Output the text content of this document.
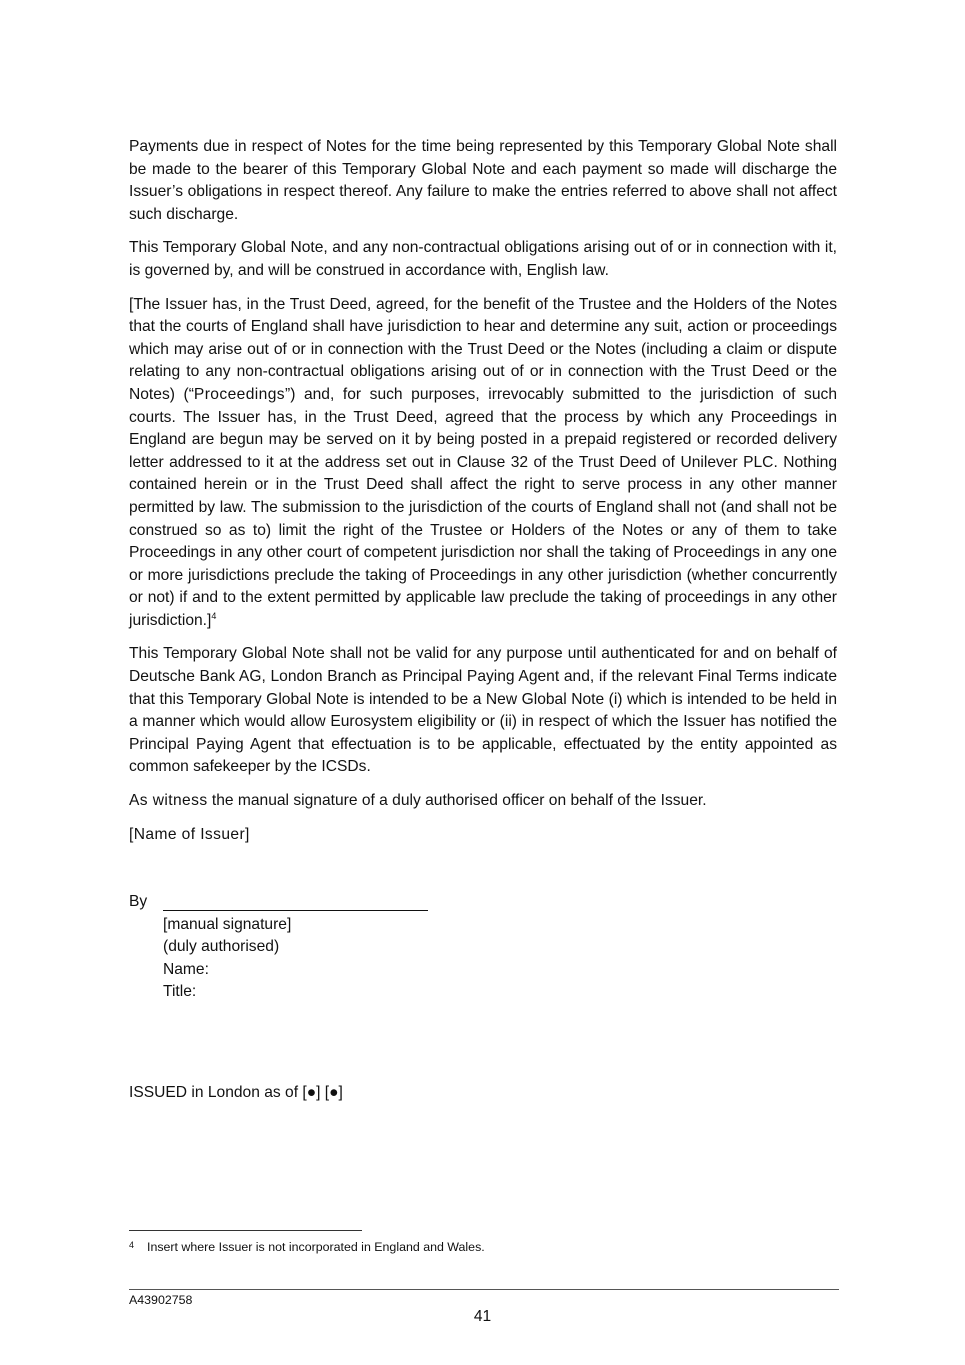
Payments due in respect of Notes for the time being represented by this Temporary Global Note shall be made to the bearer of this Temporary Global Note and each payment so made will discharge the Issuer’s obligations in respect thereof. Any failure to make the entries referred to above shall not affect such discharge.

This Temporary Global Note, and any non-contractual obligations arising out of or in connection with it, is governed by, and will be construed in accordance with, English law.

[The Issuer has, in the Trust Deed, agreed, for the benefit of the Trustee and the Holders of the Notes that the courts of England shall have jurisdiction to hear and determine any suit, action or proceedings which may arise out of or in connection with the Trust Deed or the Notes (including a claim or dispute relating to any non-contractual obligations arising out of or in connection with the Trust Deed or the Notes) (“Proceedings”) and, for such purposes, irrevocably submitted to the jurisdiction of such courts. The Issuer has, in the Trust Deed, agreed that the process by which any Proceedings in England are begun may be served on it by being posted in a prepaid registered or recorded delivery letter addressed to it at the address set out in Clause 32 of the Trust Deed of Unilever PLC. Nothing contained herein or in the Trust Deed shall affect the right to serve process in any other manner permitted by law. The submission to the jurisdiction of the courts of England shall not (and shall not be construed so as to) limit the right of the Trustee or Holders of the Notes or any of them to take Proceedings in any other court of competent jurisdiction nor shall the taking of Proceedings in any one or more jurisdictions preclude the taking of Proceedings in any other jurisdiction (whether concurrently or not) if and to the extent permitted by applicable law preclude the taking of proceedings in any other jurisdiction.]$^4$

This Temporary Global Note shall not be valid for any purpose until authenticated for and on behalf of Deutsche Bank AG, London Branch as Principal Paying Agent and, if the relevant Final Terms indicate that this Temporary Global Note is intended to be a New Global Note (i) which is intended to be held in a manner which would allow Eurosystem eligibility or (ii) in respect of which the Issuer has notified the Principal Paying Agent that effectuation is to be applicable, effectuated by the entity appointed as common safekeeper by the ICSDs.

As witness the manual signature of a duly authorised officer on behalf of the Issuer.

[Name of Issuer]

By
[manual signature]
(duly authorised)
Name:
Title:
ISSUED in London as of [●] [●]
4	Insert where Issuer is not incorporated in England and Wales.
A43902758
41
